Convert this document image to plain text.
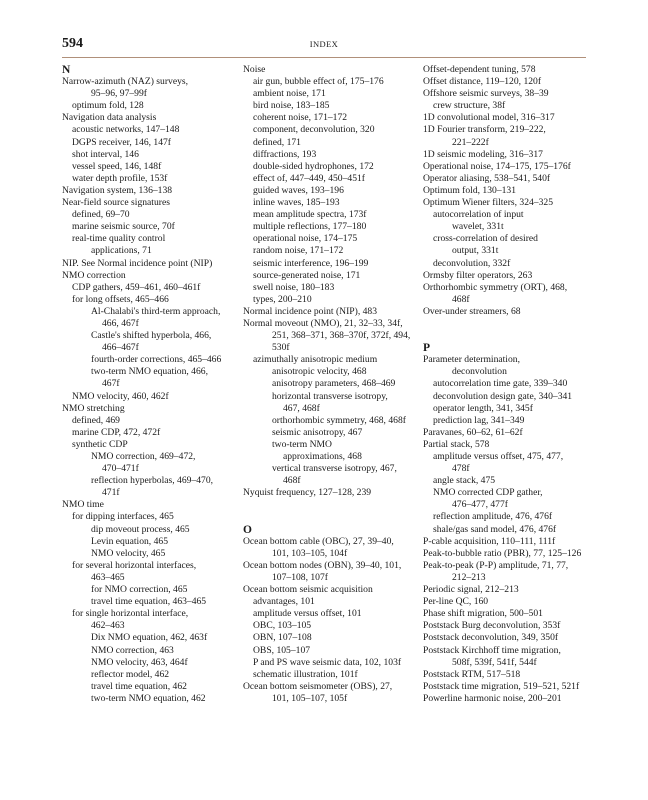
594	INDEX
N
Narrow-azimuth (NAZ) surveys,
95–96, 97–99f
optimum fold, 128
Navigation data analysis
acoustic networks, 147–148
DGPS receiver, 146, 147f
shot interval, 146
vessel speed, 146, 148f
water depth profile, 153f
Navigation system, 136–138
Near-field source signatures
defined, 69–70
marine seismic source, 70f
real-time quality control
applications, 71
NIP. See Normal incidence point (NIP)
NMO correction
CDP gathers, 459–461, 460–461f
for long offsets, 465–466
Al-Chalabi's third-term approach,
466, 467f
Castle's shifted hyperbola, 466,
466–467f
fourth-order corrections, 465–466
two-term NMO equation, 466,
467f
NMO velocity, 460, 462f
NMO stretching
defined, 469
marine CDP, 472, 472f
synthetic CDP
NMO correction, 469–472,
470–471f
reflection hyperbolas, 469–470,
471f
NMO time
for dipping interfaces, 465
dip moveout process, 465
Levin equation, 465
NMO velocity, 465
for several horizontal interfaces,
463–465
for NMO correction, 465
travel time equation, 463–465
for single horizontal interface,
462–463
Dix NMO equation, 462, 463f
NMO correction, 463
NMO velocity, 463, 464f
reflector model, 462
travel time equation, 462
two-term NMO equation, 462
Noise
air gun, bubble effect of, 175–176
ambient noise, 171
bird noise, 183–185
coherent noise, 171–172
component, deconvolution, 320
defined, 171
diffractions, 193
double-sided hydrophones, 172
effect of, 447–449, 450–451f
guided waves, 193–196
inline waves, 185–193
mean amplitude spectra, 173f
multiple reflections, 177–180
operational noise, 174–175
random noise, 171–172
seismic interference, 196–199
source-generated noise, 171
swell noise, 180–183
types, 200–210
Normal incidence point (NIP), 483
Normal moveout (NMO), 21, 32–33, 34f,
251, 368–371, 368–370f, 372f, 494,
530f
azimuthally anisotropic medium
anisotropic velocity, 468
anisotropy parameters, 468–469
horizontal transverse isotropy,
467, 468f
orthorhombic symmetry, 468, 468f
seismic anisotropy, 467
two-term NMO
approximations, 468
vertical transverse isotropy, 467,
468f
Nyquist frequency, 127–128, 239
O
Ocean bottom cable (OBC), 27, 39–40,
101, 103–105, 104f
Ocean bottom nodes (OBN), 39–40, 101,
107–108, 107f
Ocean bottom seismic acquisition
advantages, 101
amplitude versus offset, 101
OBC, 103–105
OBN, 107–108
OBS, 105–107
P and PS wave seismic data, 102, 103f
schematic illustration, 101f
Ocean bottom seismometer (OBS), 27,
101, 105–107, 105f
Offset-dependent tuning, 578
Offset distance, 119–120, 120f
Offshore seismic surveys, 38–39
crew structure, 38f
1D convolutional model, 316–317
1D Fourier transform, 219–222,
221–222f
1D seismic modeling, 316–317
Operational noise, 174–175, 175–176f
Operator aliasing, 538–541, 540f
Optimum fold, 130–131
Optimum Wiener filters, 324–325
autocorrelation of input
wavelet, 331t
cross-correlation of desired
output, 331t
deconvolution, 332f
Ormsby filter operators, 263
Orthorhombic symmetry (ORT), 468,
468f
Over-under streamers, 68
P
Parameter determination,
deconvolution
autocorrelation time gate, 339–340
deconvolution design gate, 340–341
operator length, 341, 345f
prediction lag, 341–349
Paravanes, 60–62, 61–62f
Partial stack, 578
amplitude versus offset, 475, 477,
478f
angle stack, 475
NMO corrected CDP gather,
476–477, 477f
reflection amplitude, 476, 476f
shale/gas sand model, 476, 476f
P-cable acquisition, 110–111, 111f
Peak-to-bubble ratio (PBR), 77, 125–126
Peak-to-peak (P-P) amplitude, 71, 77,
212–213
Periodic signal, 212–213
Per-line QC, 160
Phase shift migration, 500–501
Poststack Burg deconvolution, 353f
Poststack deconvolution, 349, 350f
Poststack Kirchhoff time migration,
508f, 539f, 541f, 544f
Poststack RTM, 517–518
Poststack time migration, 519–521, 521f
Powerline harmonic noise, 200–201
